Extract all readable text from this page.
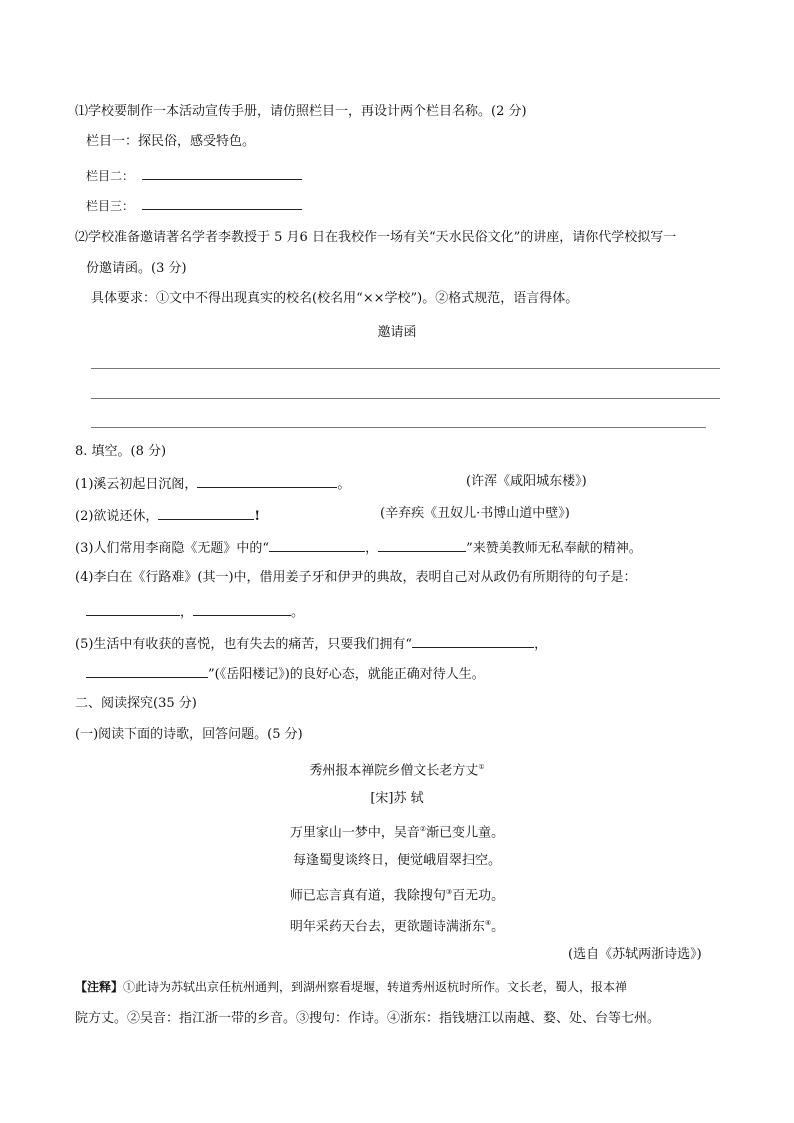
⑴学校要制作一本活动宣传手册，请仿照栏目一，再设计两个栏目名称。(2 分)
栏目一：探民俗，感受特色。
栏目二：
栏目三：
⑵学校准备邀请著名学者李教授于 5 月6 日在我校作一场有关“天水民俗文化”的讲座，请你代学校拟写一
份邀请函。(3 分)
具体要求：①文中不得出现真实的校名(校名用“××学校”)。②格式规范，语言得体。
邀请函
8. 填空。(8 分)
(1)溪云初起日沉阁，	。	(许浑《咸阳城东楼》)
(2)欲说还休，	!	(辛弃疾《丑奴儿·书博山道中壁》)
(3)人们常用李商隐《无题》中的“	，	”来赞美教师无私奉献的精神。
(4)李白在《行路难》(其一)中，借用姜子牙和伊尹的典故，表明自己对从政仍有所期待的句子是：
，	。
(5)生活中有收获的喜悦，也有失去的痛苦，只要我们拥有“	，
”(《岳阳楼记》)的良好心态，就能正确对待人生。
二、阅读探究(35 分)
(一)阅读下面的诗歌，回答问题。(5 分)
秀州报本禅院乡僧文长老方丈①
[宋]苏 轼
万里家山一梦中，吴音②渐已变儿童。
每逢蜀叟谈终日，便觉峨眉翠扫空。
师已忘言真有道，我除搜句③百无功。
明年采药天台去，更欲题诗满浙东④。
(选自《苏轼两浙诗选》)
【注释】①此诗为苏轼出京任杭州通判，到湖州察看堤堰，转道秀州返杭时所作。文长老，蜀人，报本禅
院方丈。②吴音：指江浙一带的乡音。③搜句：作诗。④浙东：指钱塘江以南越、婺、处、台等七州。
